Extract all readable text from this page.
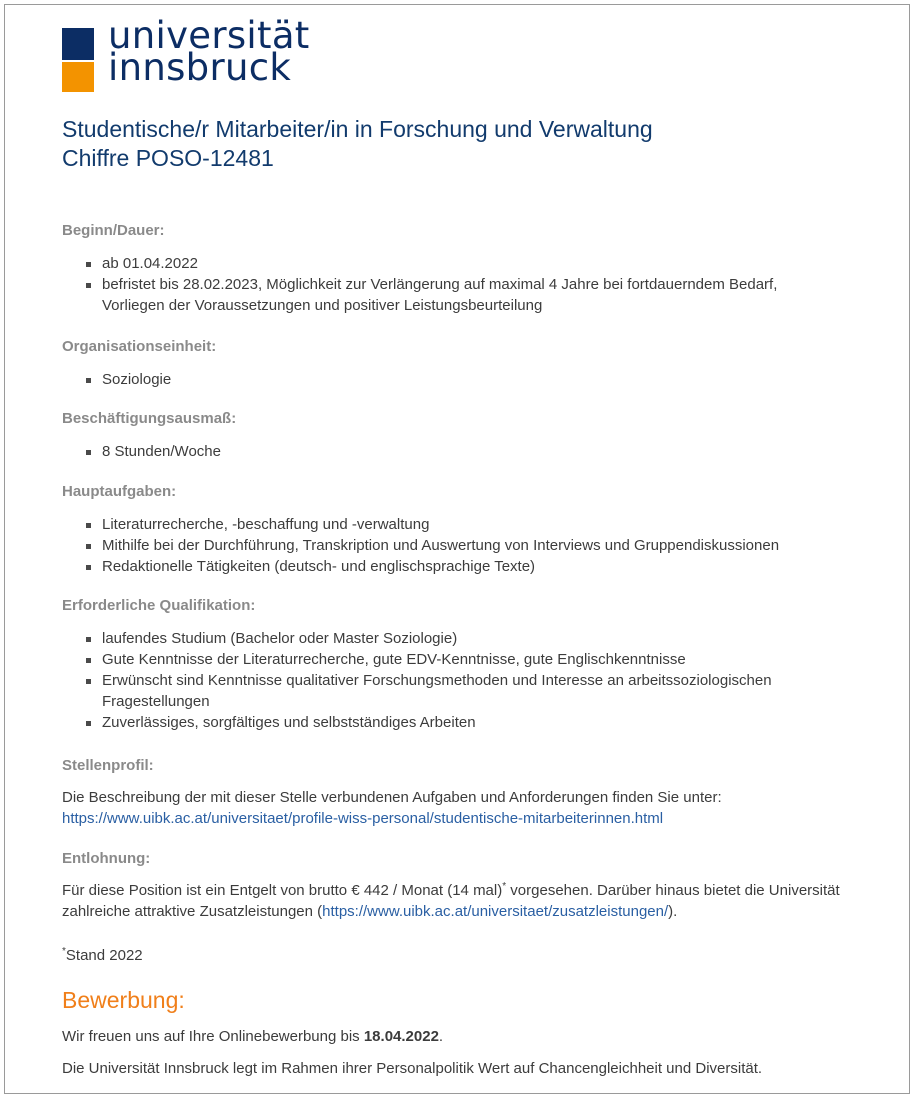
universität
innsbruck
Studentische/r Mitarbeiter/in in Forschung und Verwaltung
Chiffre POSO-12481

Beginn/Dauer:

ab 01.04.2022
befristet bis 28.02.2023, Möglichkeit zur Verlängerung auf maximal 4 Jahre bei fortdauerndem Bedarf, Vorliegen der Voraussetzungen und positiver Leistungsbeurteilung

Organisationseinheit:

Soziologie

Beschäftigungsausmaß:

8 Stunden/Woche

Hauptaufgaben:

Literaturrecherche, -beschaffung und -verwaltung
Mithilfe bei der Durchführung, Transkription und Auswertung von Interviews und Gruppendiskussionen
Redaktionelle Tätigkeiten (deutsch- und englischsprachige Texte)

Erforderliche Qualifikation:

laufendes Studium (Bachelor oder Master Soziologie)
Gute Kenntnisse der Literaturrecherche, gute EDV-Kenntnisse, gute Englischkenntnisse
Erwünscht sind Kenntnisse qualitativer Forschungsmethoden und Interesse an arbeitssoziologischen Fragestellungen
Zuverlässiges, sorgfältiges und selbstständiges Arbeiten

Stellenprofil:

Die Beschreibung der mit dieser Stelle verbundenen Aufgaben und Anforderungen finden Sie unter:
https://www.uibk.ac.at/universitaet/profile-wiss-personal/studentische-mitarbeiterinnen.html

Entlohnung:

Für diese Position ist ein Entgelt von brutto € 442 / Monat (14 mal)* vorgesehen. Darüber hinaus bietet die Universität zahlreiche attraktive Zusatzleistungen (https://www.uibk.ac.at/universitaet/zusatzleistungen/).

*Stand 2022

Bewerbung:

Wir freuen uns auf Ihre Onlinebewerbung bis 18.04.2022.

Die Universität Innsbruck legt im Rahmen ihrer Personalpolitik Wert auf Chancengleichheit und Diversität.
